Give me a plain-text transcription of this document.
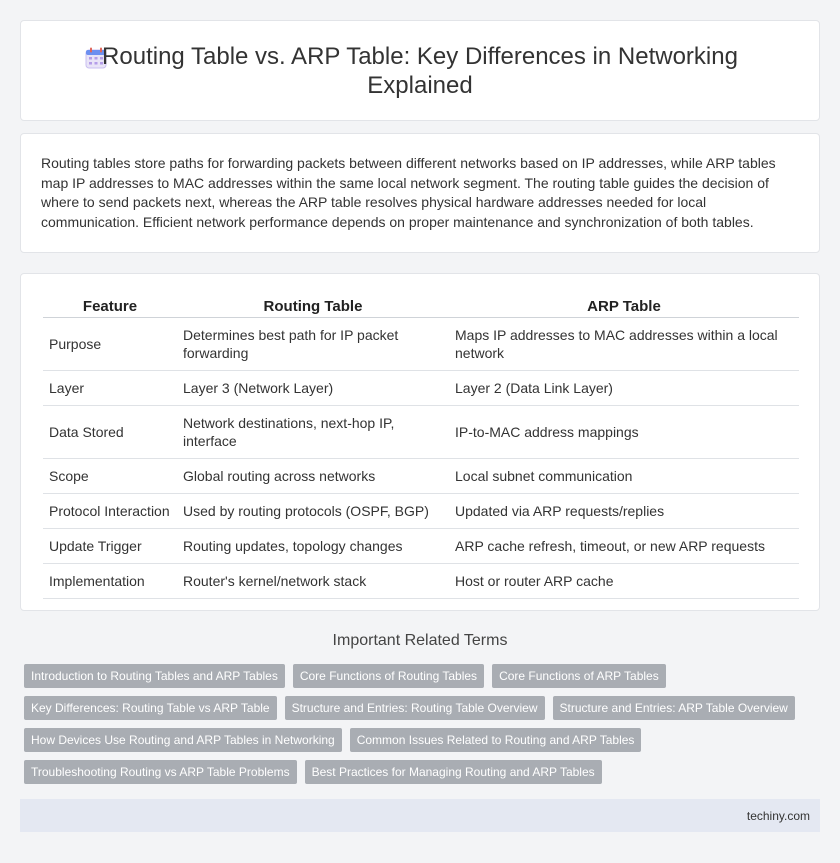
Routing Table vs. ARP Table: Key Differences in Networking Explained

Routing tables store paths for forwarding packets between different networks based on IP addresses, while ARP tables map IP addresses to MAC addresses within the same local network segment. The routing table guides the decision of where to send packets next, whereas the ARP table resolves physical hardware addresses needed for local communication. Efficient network performance depends on proper maintenance and synchronization of both tables.

Feature	Routing Table	ARP Table
Purpose	Determines best path for IP packet forwarding	Maps IP addresses to MAC addresses within a local network
Layer	Layer 3 (Network Layer)	Layer 2 (Data Link Layer)
Data Stored	Network destinations, next-hop IP, interface	IP-to-MAC address mappings
Scope	Global routing across networks	Local subnet communication
Protocol Interaction	Used by routing protocols (OSPF, BGP)	Updated via ARP requests/replies
Update Trigger	Routing updates, topology changes	ARP cache refresh, timeout, or new ARP requests
Implementation	Router's kernel/network stack	Host or router ARP cache
Important Related Terms
Introduction to Routing Tables and ARP Tables	Core Functions of Routing Tables	Core Functions of ARP Tables
Key Differences: Routing Table vs ARP Table	Structure and Entries: Routing Table Overview	Structure and Entries: ARP Table Overview
How Devices Use Routing and ARP Tables in Networking	Common Issues Related to Routing and ARP Tables
Troubleshooting Routing vs ARP Table Problems	Best Practices for Managing Routing and ARP Tables
techiny.com
